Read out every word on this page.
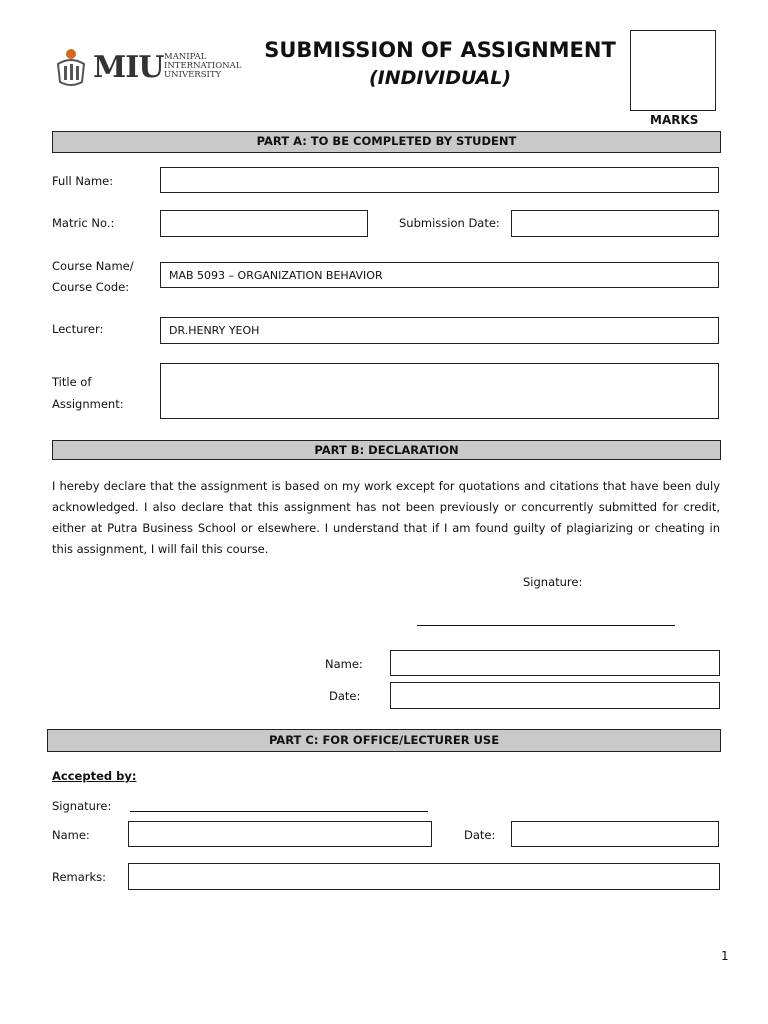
MIU MANIPAL
INTERNATIONAL
UNIVERSITY
SUBMISSION OF ASSIGNMENT
(INDIVIDUAL)
MARKS
PART A: TO BE COMPLETED BY STUDENT
Full Name:
Matric No.:	Submission Date:
Course Name/
Course Code:
MAB 5093 – ORGANIZATION BEHAVIOR
Lecturer:	DR.HENRY YEOH
Title of
Assignment:
PART B: DECLARATION
I hereby declare that the assignment is based on my work except for quotations and citations that have been duly acknowledged. I also declare that this assignment has not been previously or concurrently submitted for credit, either at Putra Business School or elsewhere. I understand that if I am found guilty of plagiarizing or cheating in this assignment, I will fail this course.
Signature:
Name:
Date:
PART C: FOR OFFICE/LECTURER USE
Accepted by:
Signature:
Name:	Date:
Remarks:
1
